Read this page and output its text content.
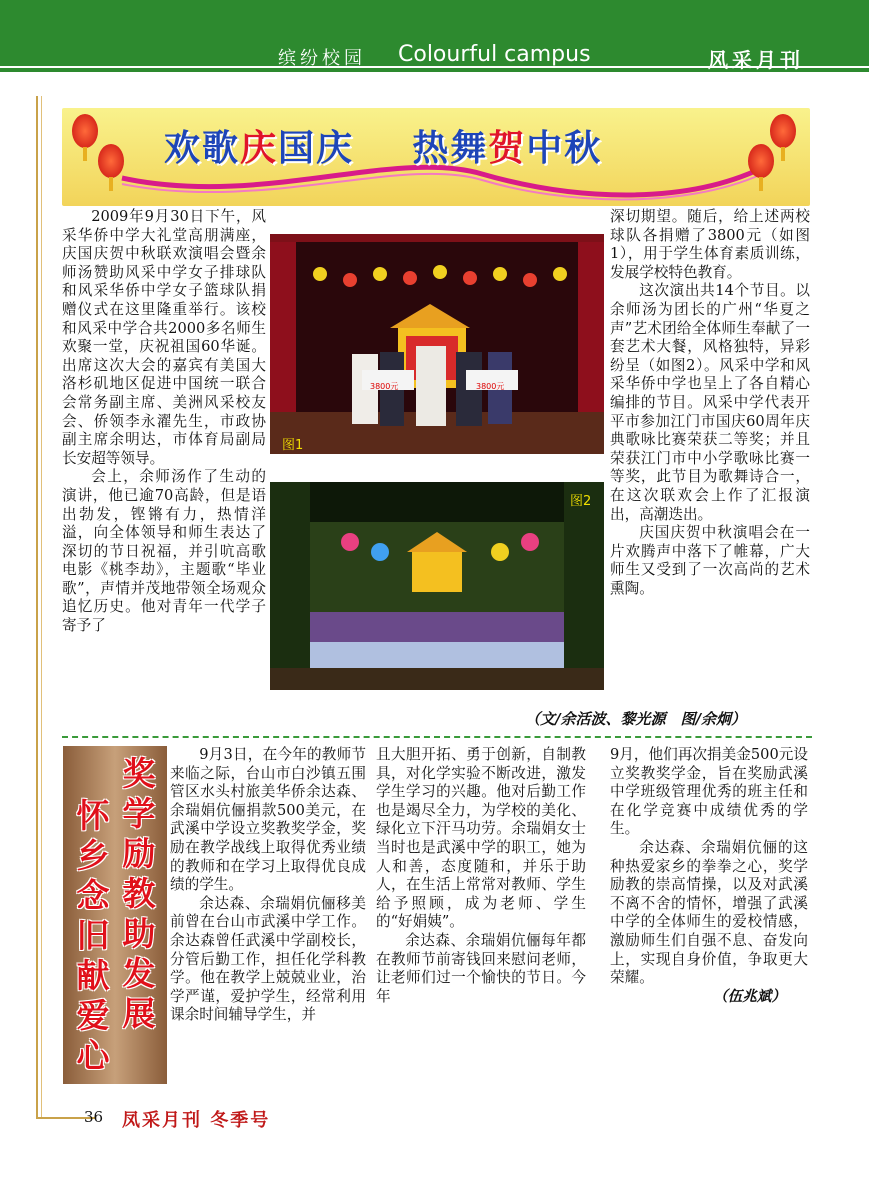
缤纷校园 Colourful campus	风采月刊
欢歌庆国庆 热舞贺中秋

2009年9月30日下午，风采华侨中学大礼堂高朋满座，庆国庆贺中秋联欢演唱会暨余师汤赞助风采中学女子排球队和风采华侨中学女子篮球队捐赠仪式在这里隆重举行。该校和风采中学合共2000多名师生欢聚一堂，庆祝祖国60华诞。出席这次大会的嘉宾有美国大洛杉矶地区促进中国统一联合会常务副主席、美洲风采校友会、侨领李永濯先生，市政协副主席余明达，市体育局副局长安超等领导。

会上，余师汤作了生动的演讲，他已逾70高龄，但是语出勃发，铿锵有力，热情洋溢，向全体领导和师生表达了深切的节日祝福，并引吭高歌电影《桃李劫》，主题歌“毕业歌”，声情并茂地带领全场观众追忆历史。他对青年一代学子寄予了

3800元	3800元
图1
图2

深切期望。随后，给上述两校球队各捐赠了3800元（如图1），用于学生体育素质训练，发展学校特色教育。

这次演出共14个节目。以余师汤为团长的广州“华夏之声”艺术团给全体师生奉献了一套艺术大餐，风格独特，异彩纷呈（如图2）。风采中学和风采华侨中学也呈上了各自精心编排的节目。风采中学代表开平市参加江门市国庆60周年庆典歌咏比赛荣获二等奖；并且荣获江门市中小学歌咏比赛一等奖，此节目为歌舞诗合一，在这次联欢会上作了汇报演出，高潮迭出。

庆国庆贺中秋演唱会在一片欢腾声中落下了帷幕，广大师生又受到了一次高尚的艺术熏陶。

（文/余活波、黎光源　图/余炯）
奖学励教助发展
怀乡念旧献爱心

9月3日，在今年的教师节来临之际，台山市白沙镇五围管区水头村旅美华侨余达森、余瑞娟伉俪捐款500美元，在武溪中学设立奖教奖学金，奖励在教学战线上取得优秀业绩的教师和在学习上取得优良成绩的学生。

余达森、余瑞娟伉俪移美前曾在台山市武溪中学工作。余达森曾任武溪中学副校长，分管后勤工作，担任化学科教学。他在教学上兢兢业业，治学严谨，爱护学生，经常利用课余时间辅导学生，并

且大胆开拓、勇于创新，自制教具，对化学实验不断改进，激发学生学习的兴趣。他对后勤工作也是竭尽全力，为学校的美化、绿化立下汗马功劳。余瑞娟女士当时也是武溪中学的职工，她为人和善，态度随和，并乐于助人，在生活上常常对教师、学生给予照顾，成为老师、学生的“好娟姨”。

余达森、余瑞娟伉俪每年都在教师节前寄钱回来慰问老师，让老师们过一个愉快的节日。今年

9月，他们再次捐美金500元设立奖教奖学金，旨在奖励武溪中学班级管理优秀的班主任和在化学竞赛中成绩优秀的学生。

余达森、余瑞娟伉俪的这种热爱家乡的拳拳之心，奖学励教的崇高情操，以及对武溪不离不舍的情怀，增强了武溪中学的全体师生的爱校情感，激励师生们自强不息、奋发向上，实现自身价值，争取更大荣耀。

（伍兆斌）

36 凤采月刊 冬季号
